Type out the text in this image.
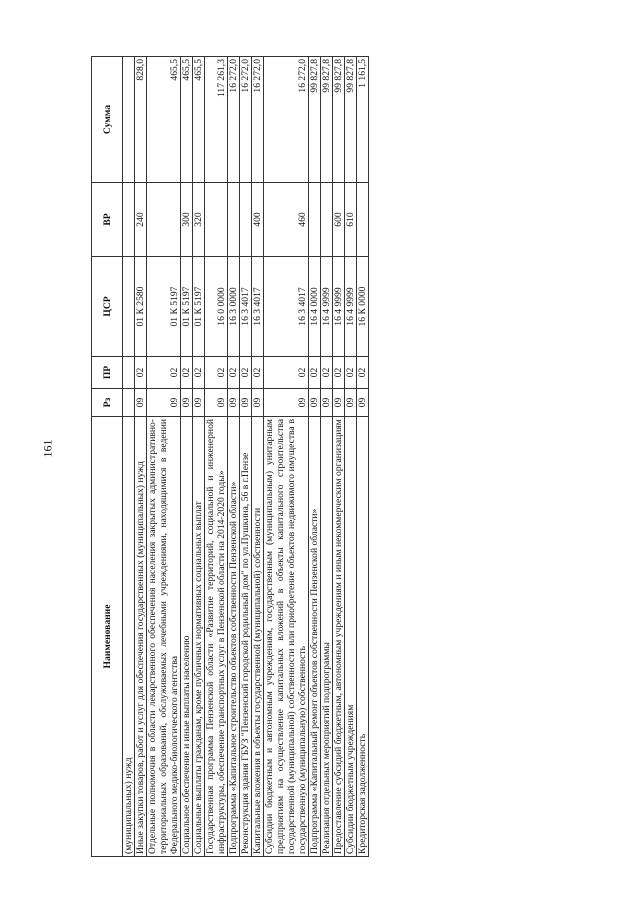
161
Наименование	Рз	ПР	ЦСР	ВР	Сумма
(муниципальных) нужд					
Иные закупки товаров, работ и услуг для обеспечения государственных (муниципальных) нужд	09	02	01 К 2580	240	828,0
Отдельные полномочия в области лекарственного обеспечения населения закрытых административно-территориальных образований, обслуживаемых лечебными учреждениями, находящимися в ведении Федерального медико-биологического агентства	09	02	01 К 5197		465,5
Социальное обеспечение и иные выплаты населению	09	02	01 К 5197	300	465,5
Социальные выплаты гражданам, кроме публичных нормативных социальных выплат	09	02	01 К 5197	320	465,5
Государственная программа Пензенской области «Развитие территорий, социальной и инженерной инфраструктуры, обеспечение транспортных услуг в Пензенской области на 2014-2020 годы»	09	02	16 0 0000		117 261,3
Подпрограмма «Капитальное строительство объектов собственности Пензенской области»	09	02	16 3 0000		16 272,0
Реконструкция здания ГБУЗ "Пензенский городской родильный дом" по ул.Пушкина, 56 в г.Пензе	09	02	16 3 4017		16 272,0
Капитальные вложения в объекты государственной (муниципальной) собственности	09	02	16 3 4017	400	16 272,0
Субсидии бюджетным и автономным учреждениям, государственным (муниципальным) унитарным предприятиям на осуществление капитальных вложений в объекты капитального строительства государственной (муниципальной) собственности или приобретение объектов недвижимого имущества в государственную (муниципальную) собственность	09	02	16 3 4017	460	16 272,0
Подпрограмма «Капитальный ремонт объектов собственности Пензенской области»	09	02	16 4 0000		99 827,8
Реализация отдельных мероприятий подпрограммы	09	02	16 4 9999		99 827,8
Предоставление субсидий бюджетным, автономным учреждениям и иным некоммерческим организациям	09	02	16 4 9999	600	99 827,8
Субсидии бюджетным учреждениям	09	02	16 4 9999	610	99 827,8
Кредиторская задолженность	09	02	16 К 0000		1 161,5
